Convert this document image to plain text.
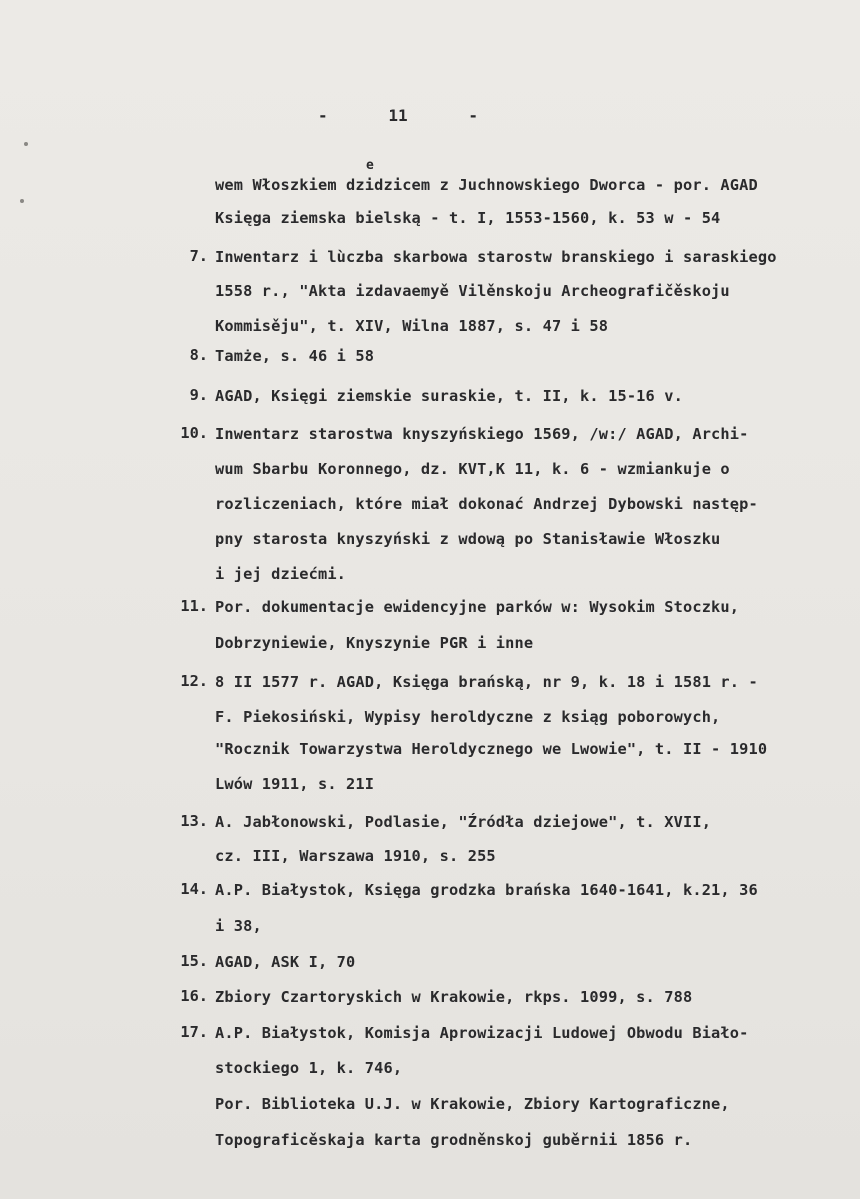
-	11	-
e
wem Włoszkiem dzidzicem z Juchnowskiego Dworca - por. AGAD
Księga ziemska bielską - t. I, 1553-1560, k. 53 w - 54
7. Inwentarz i lùczba skarbowa starostw branskiego i saraskiego
1558 r., "Akta izdavaemyě Vilěnskoju Archeografičěskoju
Kommisěju", t. XIV, Wilna 1887, s. 47 i 58
8. Tamże, s. 46 i 58
9. AGAD, Księgi ziemskie suraskie, t. II, k. 15-16 v.
10. Inwentarz starostwa knyszyńskiego 1569, /w:/ AGAD, Archi-
wum Sbarbu Koronnego, dz. KVT,K 11, k. 6 - wzmiankuje o
rozliczeniach, które miał dokonać Andrzej Dybowski następ-
pny starosta knyszyński z wdową po Stanisławie Włoszku
i jej dziećmi.
11. Por. dokumentacje ewidencyjne parków w: Wysokim Stoczku,
Dobrzyniewie, Knyszynie PGR i inne
12. 8 II 1577 r. AGAD, Księga brańską, nr 9, k. 18 i 1581 r. -
F. Piekosiński, Wypisy heroldyczne z ksiąg poborowych,
"Rocznik Towarzystwa Heroldycznego we Lwowie", t. II - 1910
Lwów 1911, s. 21I
13. A. Jabłonowski, Podlasie, "Źródła dziejowe", t. XVII,
cz. III, Warszawa 1910, s. 255
14. A.P. Białystok, Księga grodzka brańska 1640-1641, k.21, 36
i 38,
15. AGAD, ASK I, 70
16. Zbiory Czartoryskich w Krakowie, rkps. 1099, s. 788
17. A.P. Białystok, Komisja Aprowizacji Ludowej Obwodu Biało-
stockiego 1, k. 746,
Por. Biblioteka U.J. w Krakowie, Zbiory Kartograficzne,
Topograficěskaja karta grodněnskoj guběrnii 1856 r.
